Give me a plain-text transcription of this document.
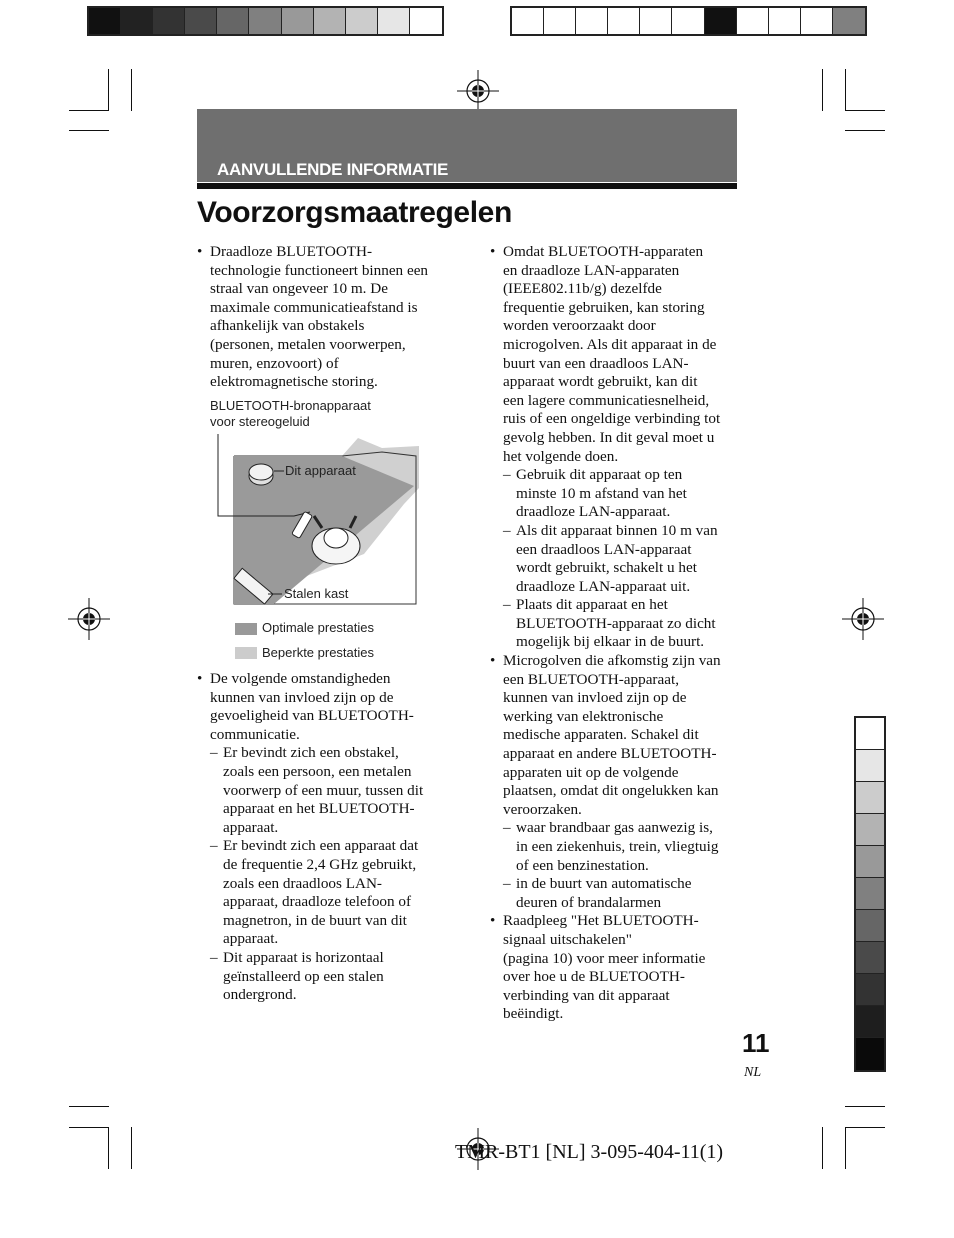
AANVULLENDE INFORMATIE
Voorzorgsmaatregelen
• Draadloze BLUETOOTH-
technologie functioneert binnen een
straal van ongeveer 10 m. De
maximale communicatieafstand is
afhankelijk van obstakels
(personen, metalen voorwerpen,
muren, enzovoort) of
elektromagnetische storing.
BLUETOOTH-bronapparaat
voor stereogeluid
Dit apparaat
Stalen kast
Optimale prestaties
Beperkte prestaties
• De volgende omstandigheden
kunnen van invloed zijn op de
gevoeligheid van BLUETOOTH-
communicatie.
– Er bevindt zich een obstakel,
zoals een persoon, een metalen
voorwerp of een muur, tussen dit
apparaat en het BLUETOOTH-
apparaat.
– Er bevindt zich een apparaat dat
de frequentie 2,4 GHz gebruikt,
zoals een draadloos LAN-
apparaat, draadloze telefoon of
magnetron, in de buurt van dit
apparaat.
– Dit apparaat is horizontaal
geïnstalleerd op een stalen
ondergrond.
• Omdat BLUETOOTH-apparaten
en draadloze LAN-apparaten
(IEEE802.11b/g) dezelfde
frequentie gebruiken, kan storing
worden veroorzaakt door
microgolven. Als dit apparaat in de
buurt van een draadloos LAN-
apparaat wordt gebruikt, kan dit
een lagere communicatiesnelheid,
ruis of een ongeldige verbinding tot
gevolg hebben. In dit geval moet u
het volgende doen.
– Gebruik dit apparaat op ten
minste 10 m afstand van het
draadloze LAN-apparaat.
– Als dit apparaat binnen 10 m van
een draadloos LAN-apparaat
wordt gebruikt, schakelt u het
draadloze LAN-apparaat uit.
– Plaats dit apparaat en het
BLUETOOTH-apparaat zo dicht
mogelijk bij elkaar in de buurt.
• Microgolven die afkomstig zijn van
een BLUETOOTH-apparaat,
kunnen van invloed zijn op de
werking van elektronische
medische apparaten. Schakel dit
apparaat en andere BLUETOOTH-
apparaten uit op de volgende
plaatsen, omdat dit ongelukken kan
veroorzaken.
– waar brandbaar gas aanwezig is,
in een ziekenhuis, trein, vliegtuig
of een benzinestation.
– in de buurt van automatische
deuren of brandalarmen
• Raadpleeg "Het BLUETOOTH-
signaal uitschakelen"
(pagina 10) voor meer informatie
over hoe u de BLUETOOTH-
verbinding van dit apparaat
beëindigt.
11
NL
TMR-BT1 [NL] 3-095-404-11(1)
